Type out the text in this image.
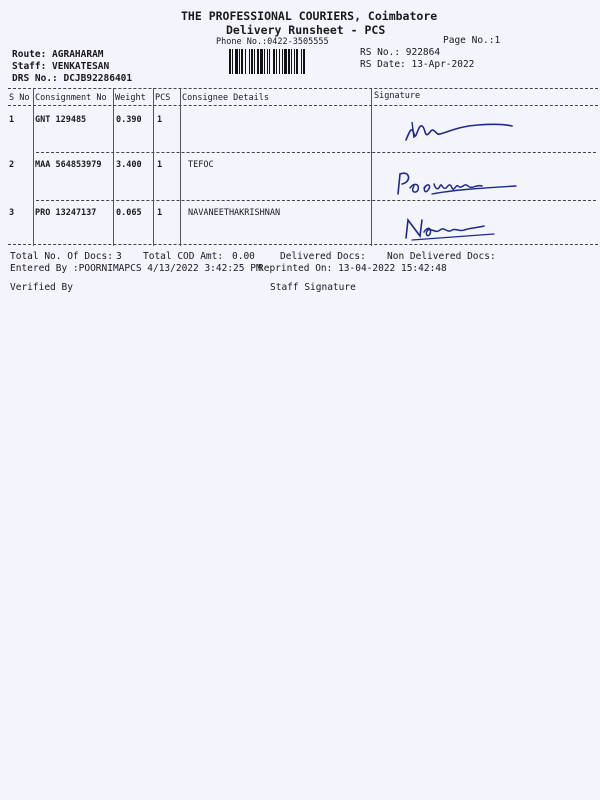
THE PROFESSIONAL COURIERS, Coimbatore
Delivery Runsheet - PCS
Phone No.:0422-3505555	Page No.:1
Route: AGRAHARAM
Staff: VENKATESAN
DRS No.: DCJB92286401
RS No.: 922864
RS Date: 13-Apr-2022
S No Consignment No Weight PCS Consignee Details	Signature
1 GNT 129485	0.390 1
2 MAA 564853979 3.400 1	TEFOC
3 PRO 13247137 0.065 1	NAVANEETHAKRISHNAN
Total No. Of Docs: 3 Total COD Amt: 0.00	Delivered Docs: Non Delivered Docs:
Entered By :POORNIMAPCS 4/13/2022 3:42:25 PM
Reprinted On: 13-04-2022 15:42:48
Verified By	Staff Signature
